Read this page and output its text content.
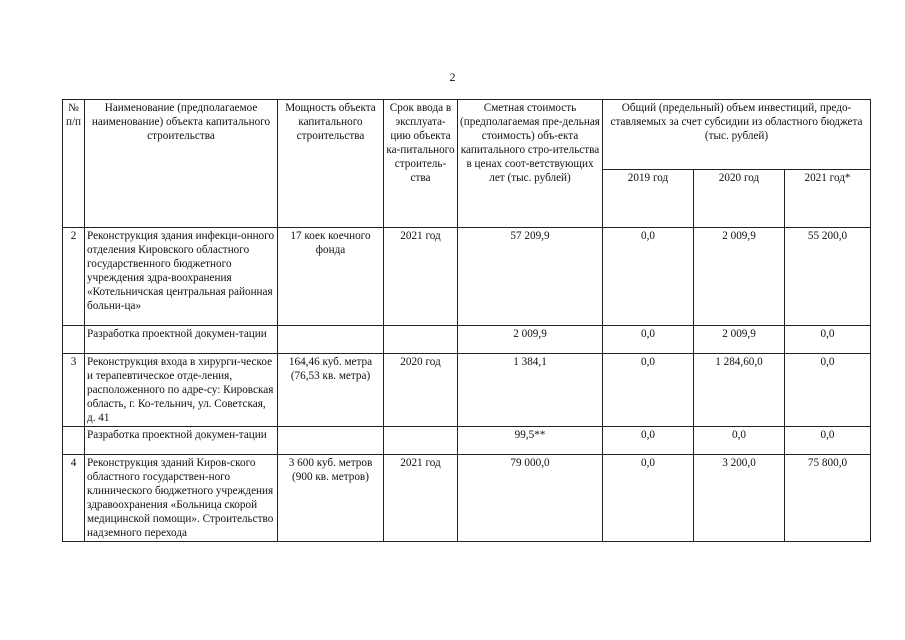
2
№ п/п	Наименование (предполагаемое наименование) объекта капитального строительства	Мощность объекта капитального строительства	Срок ввода в эксплуата-цию объекта ка-питального строитель-ства	Сметная стоимость (предполагаемая пре-дельная стоимость) объ-екта капитального стро-ительства в ценах соот-ветствующих лет (тыс. рублей)	Общий (предельный) объем инвестиций, предо-ставляемых за счет субсидии из областного бюджета (тыс. рублей)		
					2019 год	2020 год	2021 год*
2	Реконструкция здания инфекци-онного отделения Кировского областного государственного бюджетного учреждения здра-воохранения «Котельничская центральная районная больни-ца»	17 коек коечного фонда	2021 год	57 209,9	0,0	2 009,9	55 200,0
	Разработка проектной докумен-тации			2 009,9	0,0	2 009,9	0,0
3	Реконструкция входа в хирурги-ческое и терапевтическое отде-ления, расположенного по адре-су: Кировская область, г. Ко-тельнич, ул. Советская, д. 41	164,46 куб. метра (76,53 кв. метра)	2020 год	1 384,1	0,0	1 284,60,0	0,0
	Разработка проектной докумен-тации			99,5**	0,0	0,0	0,0
4	Реконструкция зданий Киров-ского областного государствен-ного клинического бюджетного учреждения здравоохранения «Больница скорой медицинской помощи». Строительство надземного перехода	3 600 куб. метров (900 кв. метров)	2021 год	79 000,0	0,0	3 200,0	75 800,0
